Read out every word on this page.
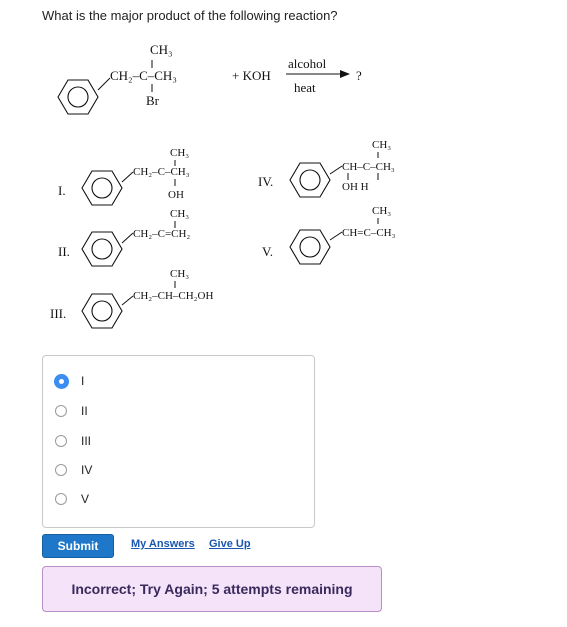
What is the major product of the following reaction?
CH₃
CH₂–C–CH₃
Br
+ KOH
alcohol
heat
?
I.
CH₃
CH₂–C–CH₃
OH
II.
CH₃
CH₂–C=CH₂
III.
CH₃
CH₂–CH–CH₂OH
IV.
CH₃
CH–C–CH₃
OH H
V.
CH₃
CH=C–CH₃
I
II
III
IV
V
Submit	My Answers Give Up
Incorrect; Try Again; 5 attempts remaining
